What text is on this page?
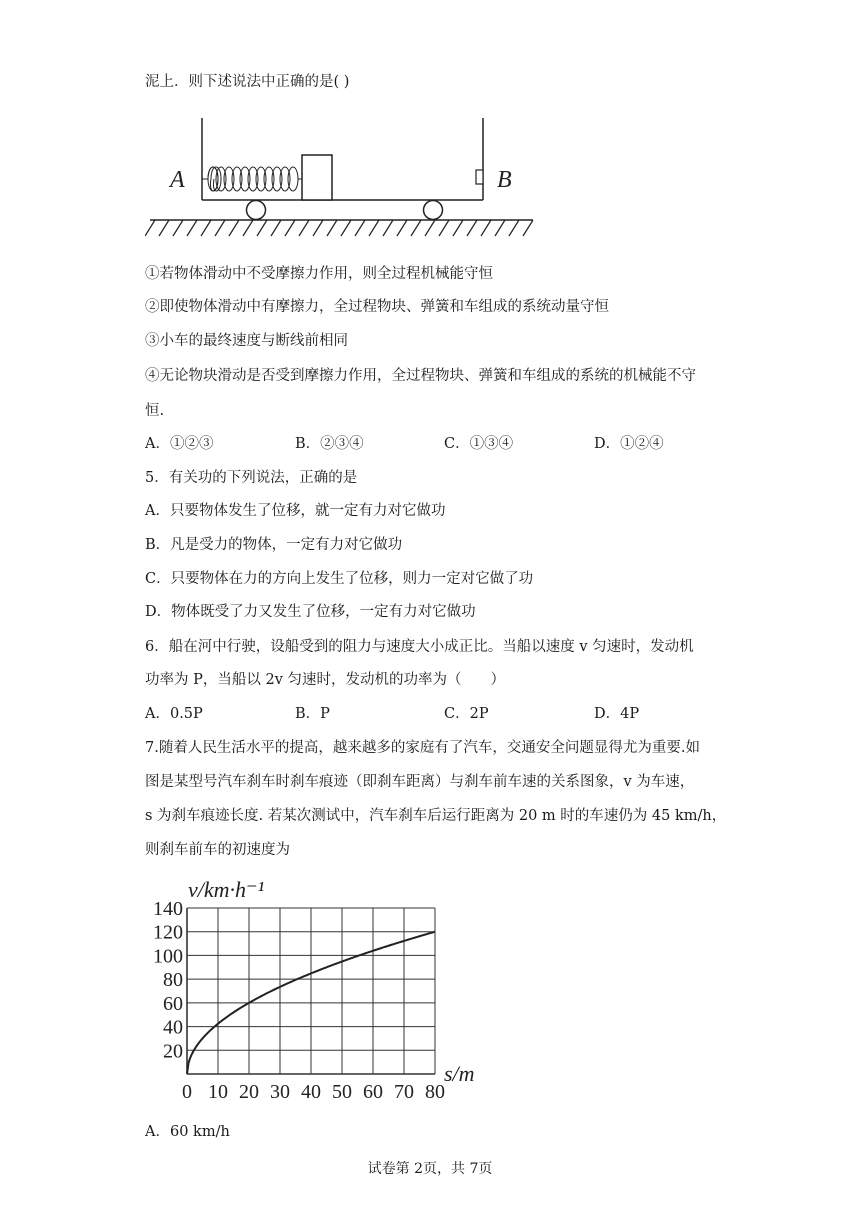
泥上．则下述说法中正确的是( )
A	B
①若物体滑动中不受摩擦力作用，则全过程机械能守恒
②即使物体滑动中有摩擦力，全过程物块、弹簧和车组成的系统动量守恒
③小车的最终速度与断线前相同
④无论物块滑动是否受到摩擦力作用，全过程物块、弹簧和车组成的系统的机械能不守
恒.
A．①②③	B．②③④	C．①③④	D．①②④
5．有关功的下列说法，正确的是
A．只要物体发生了位移，就一定有力对它做功
B．凡是受力的物体，一定有力对它做功
C．只要物体在力的方向上发生了位移，则力一定对它做了功
D．物体既受了力又发生了位移，一定有力对它做功
6．船在河中行驶，设船受到的阻力与速度大小成正比。当船以速度 v 匀速时，发动机
功率为 P，当船以 2v 匀速时，发动机的功率为（　　）
A．0.5P	B．P	C．2P	D．4P
7.随着人民生活水平的提高，越来越多的家庭有了汽车，交通安全问题显得尤为重要.如
图是某型号汽车刹车时刹车痕迹（即刹车距离）与刹车前车速的关系图象，v 为车速，
s 为刹车痕迹长度. 若某次测试中，汽车刹车后运行距离为 20 m 时的车速仍为 45 km/h，
则刹车前车的初速度为
v/km·h⁻¹
s/m
0 10 20 30 40 50 60 70 80
20
40
60
80
100
120
140
A．60 km/h
试卷第 2页，共 7页
